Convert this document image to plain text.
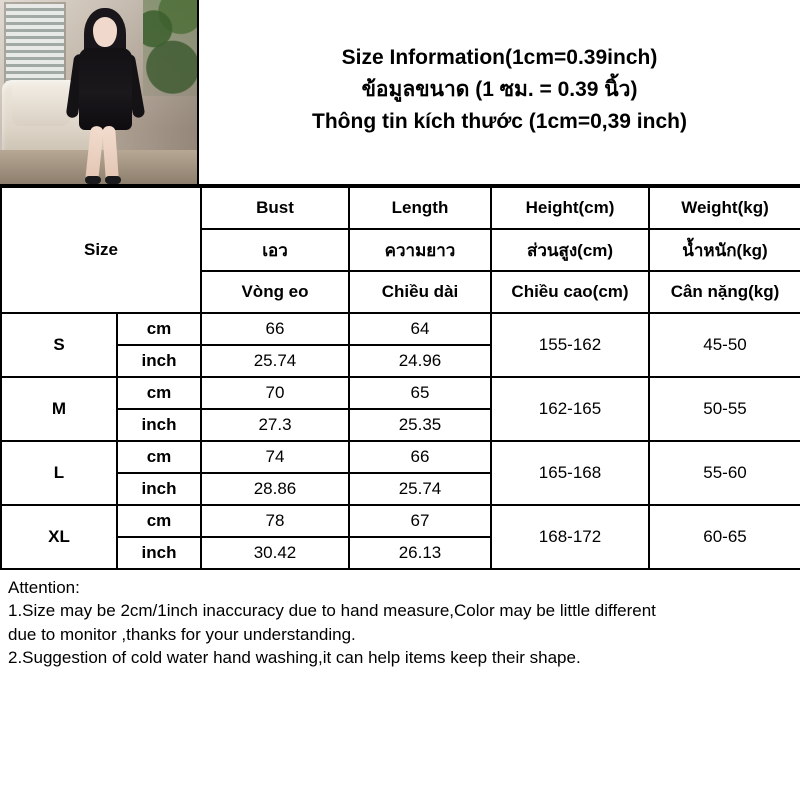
Size Information(1cm=0.39inch)
ข้อมูลขนาด (1 ซม. = 0.39 นิ้ว)
Thông tin kích thước (1cm=0,39 inch)
Size		Bust	Length	Height(cm)	Weight(kg)
		เอว	ความยาว	ส่วนสูง(cm)	น้ำหนัก(kg)
		Vòng eo	Chiều dài	Chiều cao(cm)	Cân nặng(kg)
S	cm	66	64	155-162	45-50
	inch	25.74	24.96		
M	cm	70	65	162-165	50-55
	inch	27.3	25.35		
L	cm	74	66	165-168	55-60
	inch	28.86	25.74		
XL	cm	78	67	168-172	60-65
	inch	30.42	26.13		

Attention:

1.Size may be 2cm/1inch inaccuracy due to hand measure,Color may be little different

due to monitor ,thanks for your understanding.

2.Suggestion of cold water hand washing,it can help items keep their shape.
